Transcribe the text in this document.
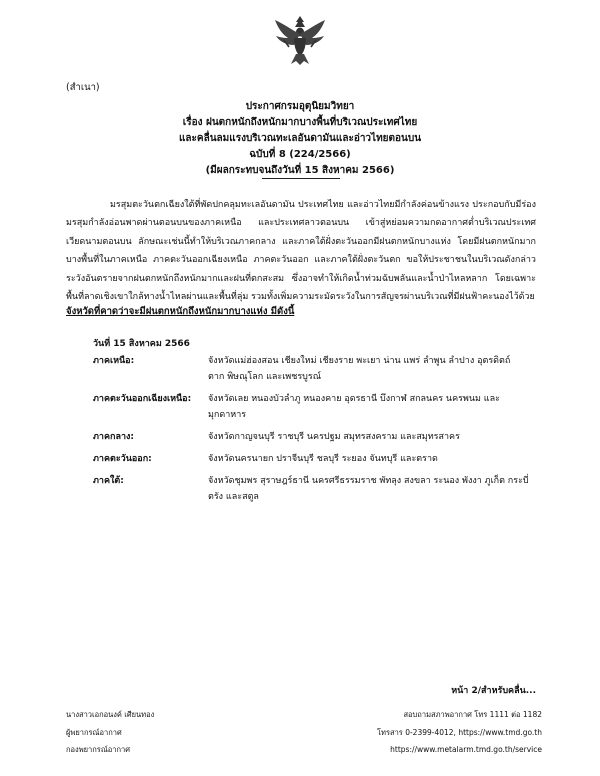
(สำเนา)
ประกาศกรมอุตุนิยมวิทยา
เรื่อง ฝนตกหนักถึงหนักมากบางพื้นที่บริเวณประเทศไทย
และคลื่นลมแรงบริเวณทะเลอันดามันและอ่าวไทยตอนบน
ฉบับที่ 8 (224/2566)
(มีผลกระทบจนถึงวันที่ 15 สิงหาคม 2566)

มรสุมตะวันตกเฉียงใต้ที่พัดปกคลุมทะเลอันดามัน ประเทศไทย และอ่าวไทยมีกำลังค่อนข้างแรง ประกอบกับมีร่องมรสุมกำลังอ่อนพาดผ่านตอนบนของภาคเหนือ และประเทศลาวตอนบน เข้าสู่หย่อมความกดอากาศต่ำบริเวณประเทศเวียดนามตอนบน ลักษณะเช่นนี้ทำให้บริเวณภาคกลาง และภาคใต้ฝั่งตะวันออกมีฝนตกหนักบางแห่ง โดยมีฝนตกหนักมากบางพื้นที่ในภาคเหนือ ภาคตะวันออกเฉียงเหนือ ภาคตะวันออก และภาคใต้ฝั่งตะวันตก ขอให้ประชาชนในบริเวณดังกล่าวระวังอันตรายจากฝนตกหนักถึงหนักมากและฝนที่ตกสะสม ซึ่งอาจทำให้เกิดน้ำท่วมฉับพลันและน้ำป่าไหลหลาก โดยเฉพาะพื้นที่ลาดเชิงเขาใกล้ทางน้ำไหลผ่านและพื้นที่ลุ่ม รวมทั้งเพิ่มความระมัดระวังในการสัญจรผ่านบริเวณที่มีฝนฟ้าคะนองไว้ด้วย

จังหวัดที่คาดว่าจะมีฝนตกหนักถึงหนักมากบางแห่ง มีดังนี้
วันที่ 15 สิงหาคม 2566
ภาคเหนือ:	จังหวัดแม่ฮ่องสอน เชียงใหม่ เชียงราย พะเยา น่าน แพร่ ลำพูน ลำปาง อุตรดิตถ์ ตาก พิษณุโลก และเพชรบูรณ์
ภาคตะวันออกเฉียงเหนือ:	จังหวัดเลย หนองบัวลำภู หนองคาย อุดรธานี บึงกาฬ สกลนคร นครพนม และมุกดาหาร
ภาคกลาง:	จังหวัดกาญจนบุรี ราชบุรี นครปฐม สมุทรสงคราม และสมุทรสาคร
ภาคตะวันออก:	จังหวัดนครนายก ปราจีนบุรี ชลบุรี ระยอง จันทบุรี และตราด
ภาคใต้:	จังหวัดชุมพร สุราษฎร์ธานี นครศรีธรรมราช พัทลุง สงขลา ระนอง พังงา ภูเก็ต กระบี่ ตรัง และสตูล
หน้า 2/สำหรับคลื่น...
นางสาวเอกอนงค์ เศียนทอง
ผู้พยากรณ์อากาศ
กองพยากรณ์อากาศ
สอบถามสภาพอากาศ โทร 1111 ต่อ 1182
โทรสาร 0-2399-4012, https://www.tmd.go.th
https://www.metalarm.tmd.go.th/service
